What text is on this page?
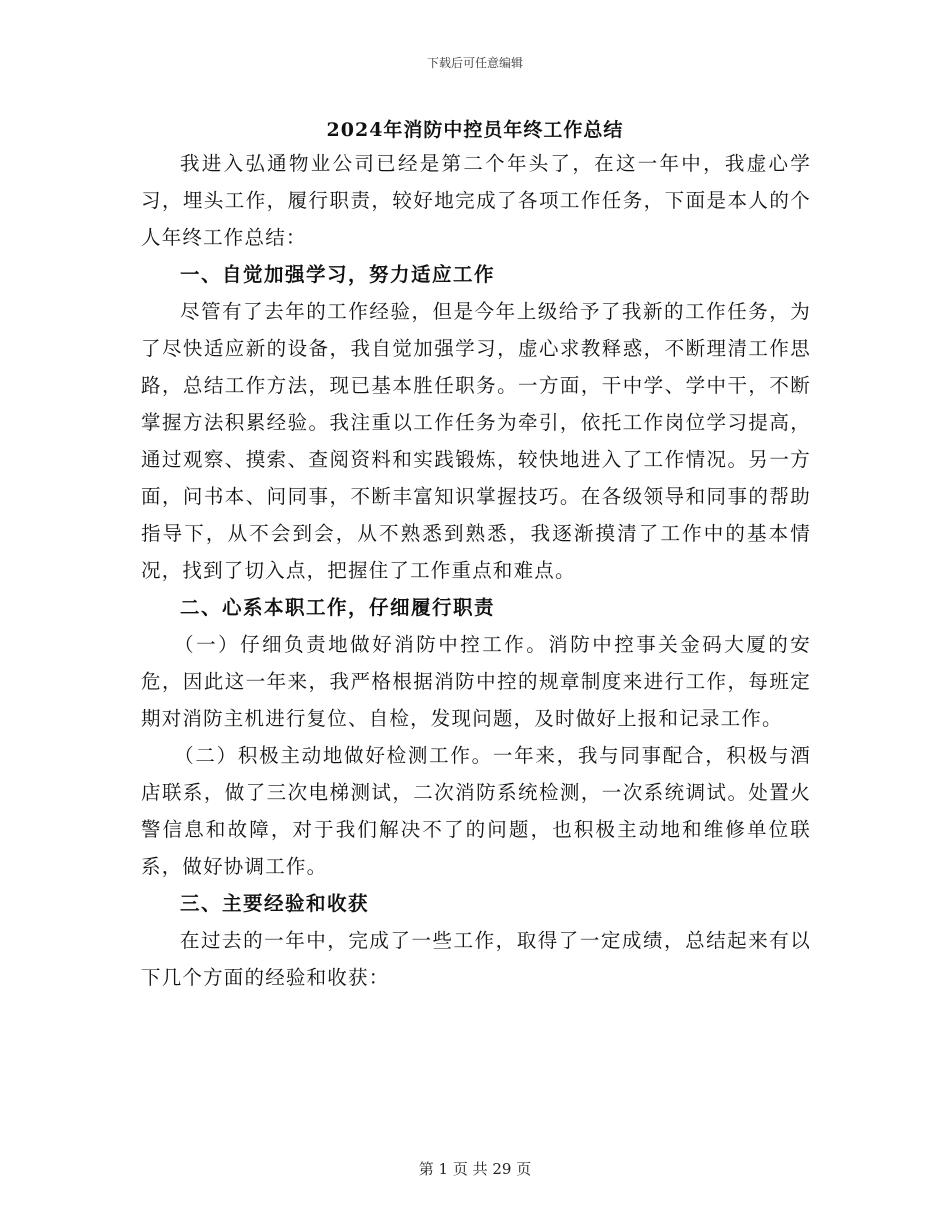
下载后可任意编辑
2024年消防中控员年终工作总结

我进入弘通物业公司已经是第二个年头了，在这一年中，我虚心学习，埋头工作，履行职责，较好地完成了各项工作任务，下面是本人的个人年终工作总结：

一、自觉加强学习，努力适应工作

尽管有了去年的工作经验，但是今年上级给予了我新的工作任务，为了尽快适应新的设备，我自觉加强学习，虚心求教释惑，不断理清工作思路，总结工作方法，现已基本胜任职务。一方面，干中学、学中干，不断掌握方法积累经验。我注重以工作任务为牵引，依托工作岗位学习提高，通过观察、摸索、查阅资料和实践锻炼，较快地进入了工作情况。另一方面，问书本、问同事，不断丰富知识掌握技巧。在各级领导和同事的帮助指导下，从不会到会，从不熟悉到熟悉，我逐渐摸清了工作中的基本情况，找到了切入点，把握住了工作重点和难点。

二、心系本职工作，仔细履行职责

（一）仔细负责地做好消防中控工作。消防中控事关金码大厦的安危，因此这一年来，我严格根据消防中控的规章制度来进行工作，每班定期对消防主机进行复位、自检，发现问题，及时做好上报和记录工作。

（二）积极主动地做好检测工作。一年来，我与同事配合，积极与酒店联系，做了三次电梯测试，二次消防系统检测，一次系统调试。处置火警信息和故障，对于我们解决不了的问题，也积极主动地和维修单位联系，做好协调工作。

三、主要经验和收获

在过去的一年中，完成了一些工作，取得了一定成绩，总结起来有以下几个方面的经验和收获：

第 1 页 共 29 页
